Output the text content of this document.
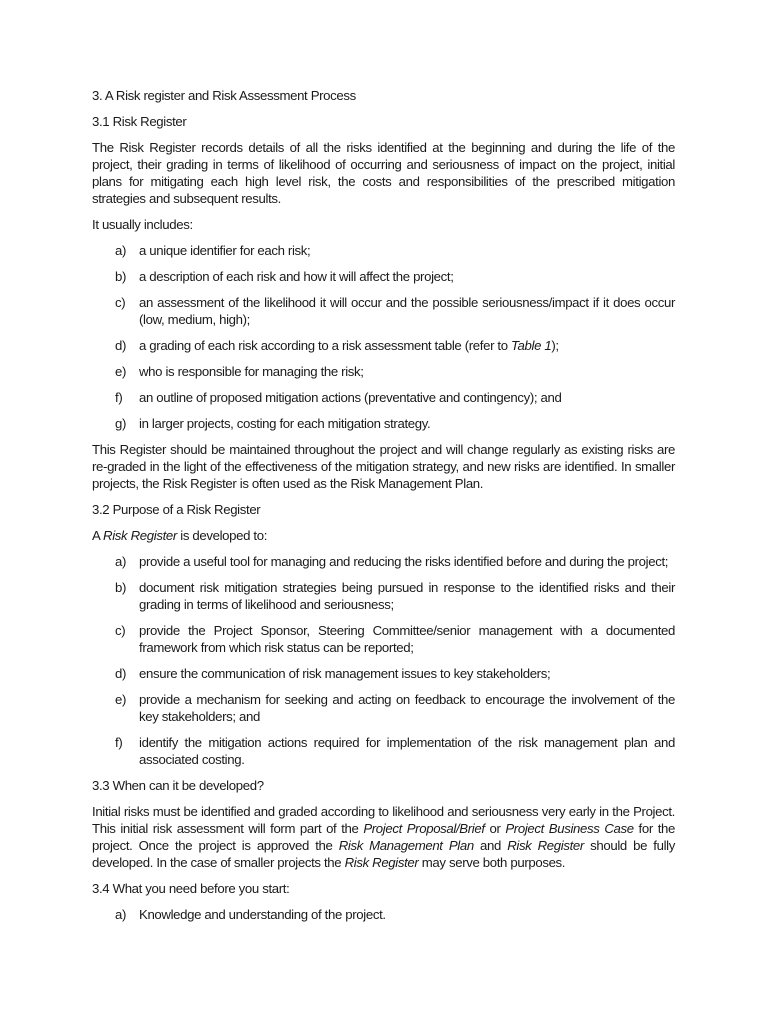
3. A Risk register and Risk Assessment Process
3.1 Risk Register
The Risk Register records details of all the risks identified at the beginning and during the life of the project, their grading in terms of likelihood of occurring and seriousness of impact on the project, initial plans for mitigating each high level risk, the costs and responsibilities of the prescribed mitigation strategies and subsequent results.
It usually includes:
a) a unique identifier for each risk;
b) a description of each risk and how it will affect the project;
c)	an assessment of the likelihood it will occur and the possible seriousness/impact if it does occur (low, medium, high);
d) a grading of each risk according to a risk assessment table (refer to Table 1);
e) who is responsible for managing the risk;
f)	an outline of proposed mitigation actions (preventative and contingency); and
g) in larger projects, costing for each mitigation strategy.
This Register should be maintained throughout the project and will change regularly as existing risks are re-graded in the light of the effectiveness of the mitigation strategy, and new risks are identified. In smaller projects, the Risk Register is often used as the Risk Management Plan.
3.2 Purpose of a Risk Register
A Risk Register is developed to:
a) provide a useful tool for managing and reducing the risks identified before and during the project;
b) document risk mitigation strategies being pursued in response to the identified risks and their grading in terms of likelihood and seriousness;
c)	provide the Project Sponsor, Steering Committee/senior management with a documented framework from which risk status can be reported;
d) ensure the communication of risk management issues to key stakeholders;
e) provide a mechanism for seeking and acting on feedback to encourage the involvement of the key stakeholders; and
f)	identify the mitigation actions required for implementation of the risk management plan and associated costing.
3.3 When can it be developed?
Initial risks must be identified and graded according to likelihood and seriousness very early in the Project. This initial risk assessment will form part of the Project Proposal/Brief or Project Business Case for the project. Once the project is approved the Risk Management Plan and Risk Register should be fully developed. In the case of smaller projects the Risk Register may serve both purposes.
3.4 What you need before you start:
a) Knowledge and understanding of the project.
